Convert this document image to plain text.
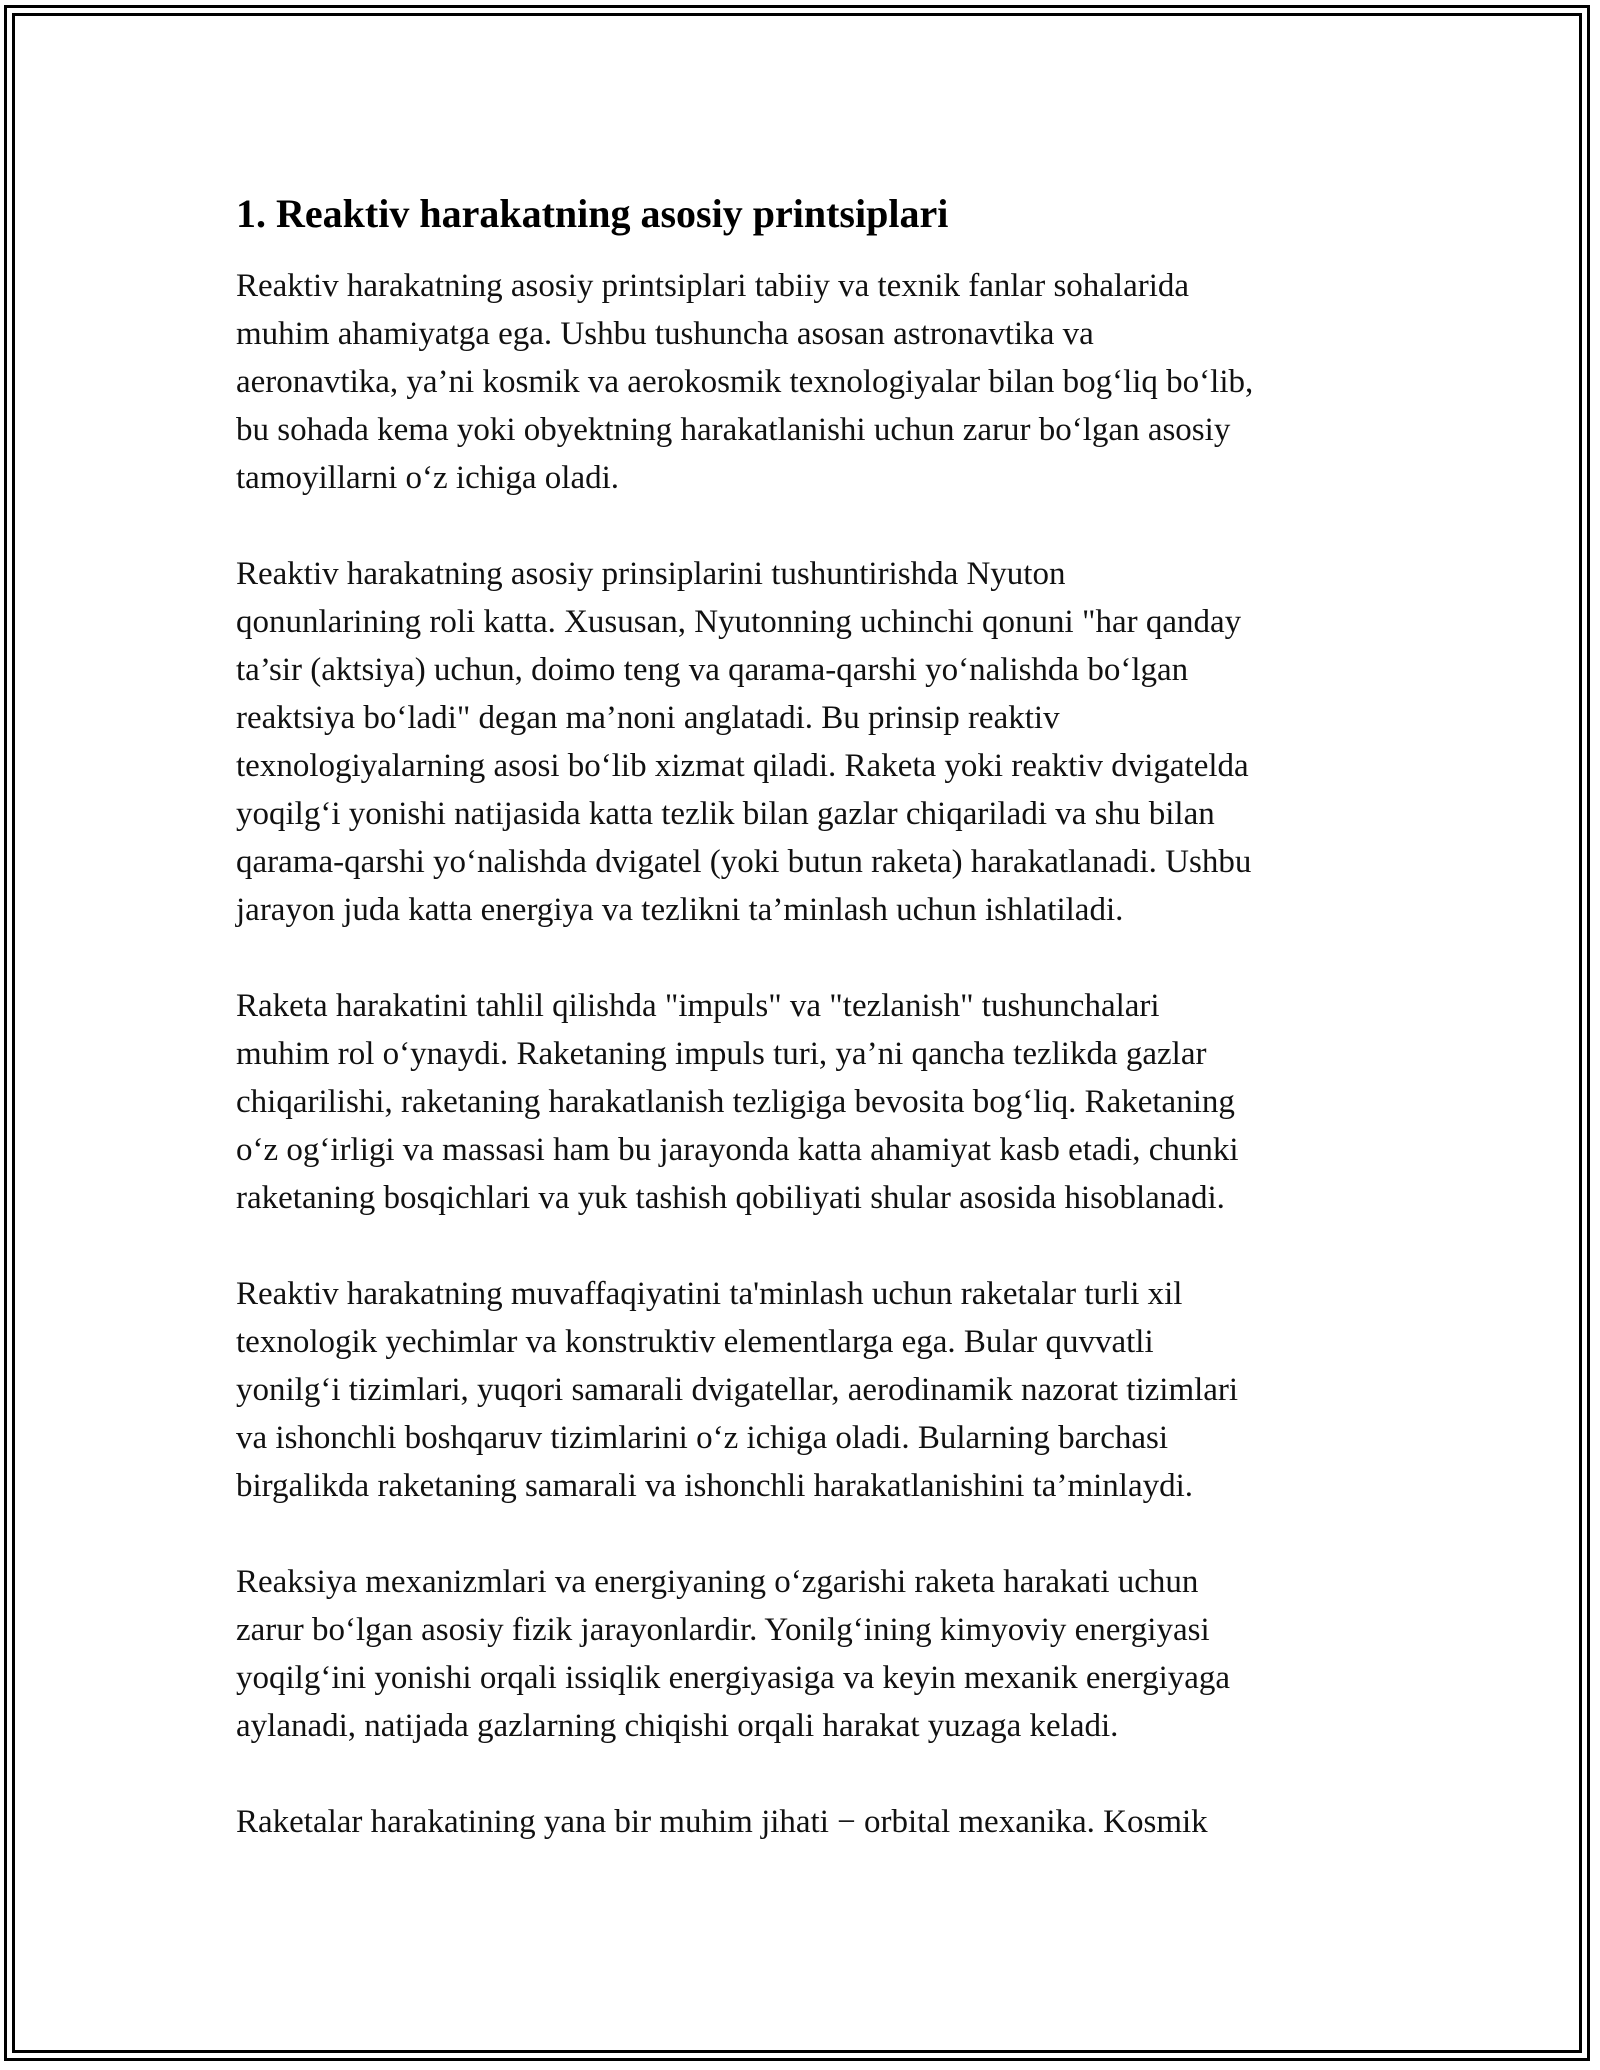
1. Reaktiv harakatning asosiy printsiplari

Reaktiv harakatning asosiy printsiplari tabiiy va texnik fanlar sohalarida
muhim ahamiyatga ega. Ushbu tushuncha asosan astronavtika va
aeronavtika, ya’ni kosmik va aerokosmik texnologiyalar bilan bog‘liq bo‘lib,
bu sohada kema yoki obyektning harakatlanishi uchun zarur bo‘lgan asosiy
tamoyillarni o‘z ichiga oladi.

Reaktiv harakatning asosiy prinsiplarini tushuntirishda Nyuton
qonunlarining roli katta. Xususan, Nyutonning uchinchi qonuni "har qanday
ta’sir (aktsiya) uchun, doimo teng va qarama-qarshi yo‘nalishda bo‘lgan
reaktsiya bo‘ladi" degan ma’noni anglatadi. Bu prinsip reaktiv
texnologiyalarning asosi bo‘lib xizmat qiladi. Raketa yoki reaktiv dvigatelda
yoqilg‘i yonishi natijasida katta tezlik bilan gazlar chiqariladi va shu bilan
qarama-qarshi yo‘nalishda dvigatel (yoki butun raketa) harakatlanadi. Ushbu
jarayon juda katta energiya va tezlikni ta’minlash uchun ishlatiladi.

Raketa harakatini tahlil qilishda "impuls" va "tezlanish" tushunchalari
muhim rol o‘ynaydi. Raketaning impuls turi, ya’ni qancha tezlikda gazlar
chiqarilishi, raketaning harakatlanish tezligiga bevosita bog‘liq. Raketaning
o‘z og‘irligi va massasi ham bu jarayonda katta ahamiyat kasb etadi, chunki
raketaning bosqichlari va yuk tashish qobiliyati shular asosida hisoblanadi.

Reaktiv harakatning muvaffaqiyatini ta'minlash uchun raketalar turli xil
texnologik yechimlar va konstruktiv elementlarga ega. Bular quvvatli
yonilg‘i tizimlari, yuqori samarali dvigatellar, aerodinamik nazorat tizimlari
va ishonchli boshqaruv tizimlarini o‘z ichiga oladi. Bularning barchasi
birgalikda raketaning samarali va ishonchli harakatlanishini ta’minlaydi.

Reaksiya mexanizmlari va energiyaning o‘zgarishi raketa harakati uchun
zarur bo‘lgan asosiy fizik jarayonlardir. Yonilg‘ining kimyoviy energiyasi
yoqilg‘ini yonishi orqali issiqlik energiyasiga va keyin mexanik energiyaga
aylanadi, natijada gazlarning chiqishi orqali harakat yuzaga keladi.

Raketalar harakatining yana bir muhim jihati − orbital mexanika. Kosmik
